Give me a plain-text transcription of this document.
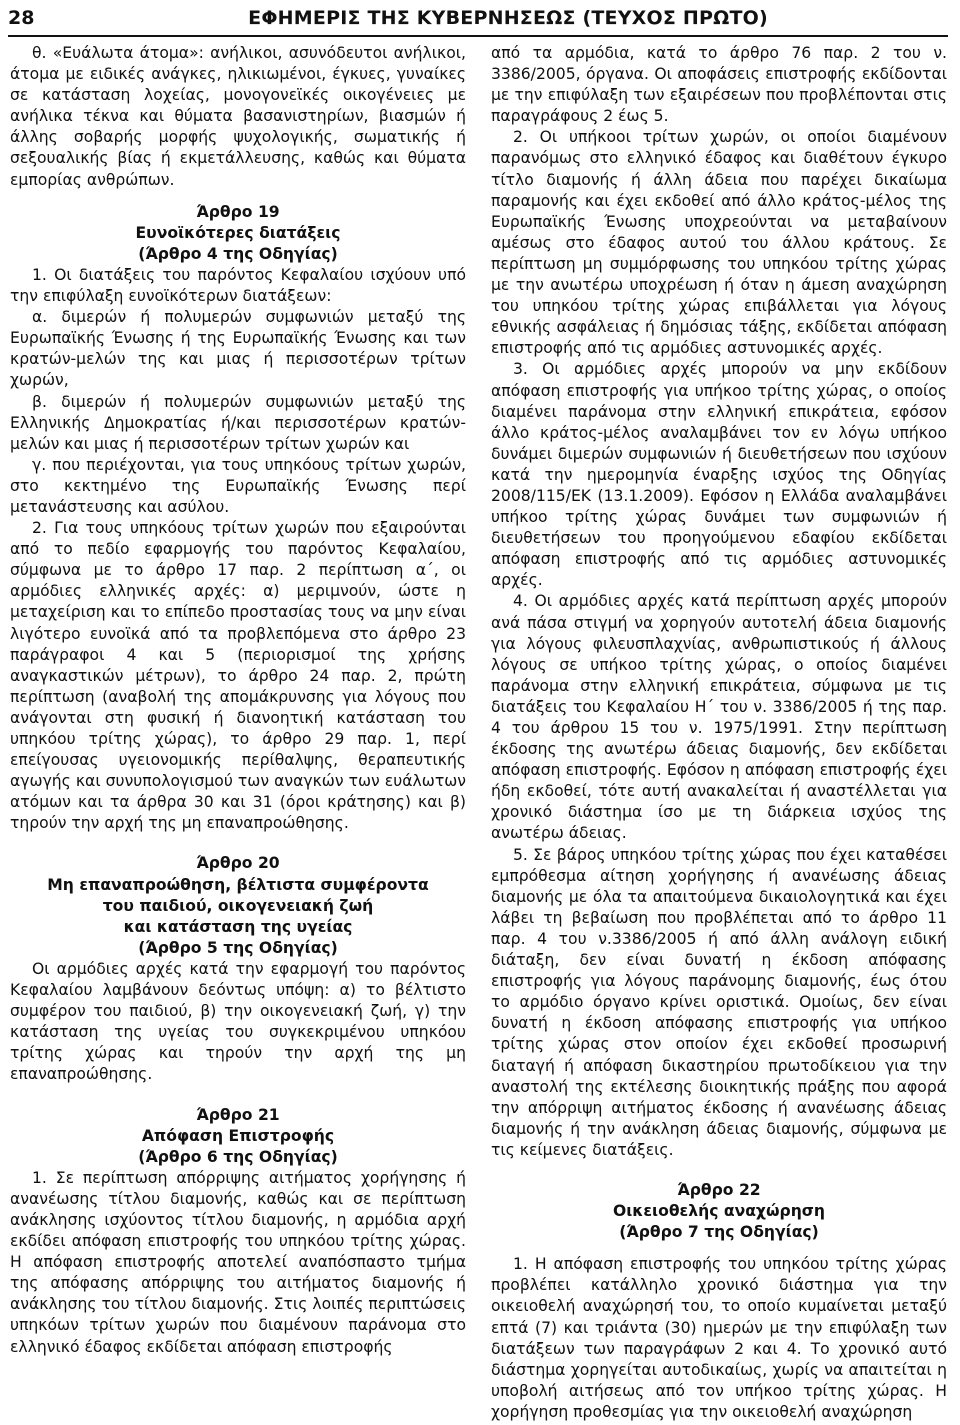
28	ΕΦΗΜΕΡΙΣ ΤΗΣ ΚΥΒΕΡΝΗΣΕΩΣ (ΤΕΥΧΟΣ ΠΡΩΤΟ)

θ. «Ευάλωτα άτομα»: ανήλικοι, ασυνόδευτοι ανήλικοι, άτομα με ειδικές ανάγκες, ηλικιωμένοι, έγκυες, γυναίκες σε κατάσταση λοχείας, μονογονεϊκές οικογένειες με ανήλικα τέκνα και θύματα βασανιστηρίων, βιασμών ή άλλης σοβαρής μορφής ψυχολογικής, σωματικής ή σεξουαλικής βίας ή εκμετάλλευσης, καθώς και θύματα εμπορίας ανθρώπων.

Άρθρο 19
Ευνοϊκότερες διατάξεις
(Άρθρο 4 της Οδηγίας)

1. Οι διατάξεις του παρόντος Κεφαλαίου ισχύουν υπό την επιφύλαξη ευνοϊκότερων διατάξεων:

α. διμερών ή πολυμερών συμφωνιών μεταξύ της Ευρωπαϊκής Ένωσης ή της Ευρωπαϊκής Ένωσης και των κρατών-μελών της και μιας ή περισσοτέρων τρίτων χωρών,

β. διμερών ή πολυμερών συμφωνιών μεταξύ της Ελληνικής Δημοκρατίας ή/και περισσοτέρων κρατών-μελών και μιας ή περισσοτέρων τρίτων χωρών και

γ. που περιέχονται, για τους υπηκόους τρίτων χωρών, στο κεκτημένο της Ευρωπαϊκής Ένωσης περί μετανάστευσης και ασύλου.

2. Για τους υπηκόους τρίτων χωρών που εξαιρούνται από το πεδίο εφαρμογής του παρόντος Κεφαλαίου, σύμφωνα με το άρθρο 17 παρ. 2 περίπτωση α΄, οι αρμόδιες ελληνικές αρχές: α) μεριμνούν, ώστε η μεταχείριση και το επίπεδο προστασίας τους να μην είναι λιγότερο ευνοϊκά από τα προβλεπόμενα στο άρθρο 23 παράγραφοι 4 και 5 (περιορισμοί της χρήσης αναγκαστικών μέτρων), το άρθρο 24 παρ. 2, πρώτη περίπτωση (αναβολή της απομάκρυνσης για λόγους που ανάγονται στη φυσική ή διανοητική κατάσταση του υπηκόου τρίτης χώρας), το άρθρο 29 παρ. 1, περί επείγουσας υγειονομικής περίθαλψης, θεραπευτικής αγωγής και συνυπολογισμού των αναγκών των ευάλωτων ατόμων και τα άρθρα 30 και 31 (όροι κράτησης) και β) τηρούν την αρχή της μη επαναπροώθησης.

Άρθρο 20
Μη επαναπροώθηση, βέλτιστα συμφέροντα
του παιδιού, οικογενειακή ζωή
και κατάσταση της υγείας
(Άρθρο 5 της Οδηγίας)

Οι αρμόδιες αρχές κατά την εφαρμογή του παρόντος Κεφαλαίου λαμβάνουν δεόντως υπόψη: α) το βέλτιστο συμφέρον του παιδιού, β) την οικογενειακή ζωή, γ) την κατάσταση της υγείας του συγκεκριμένου υπηκόου τρίτης χώρας και τηρούν την αρχή της μη επαναπροώθησης.

Άρθρο 21
Απόφαση Επιστροφής
(Άρθρο 6 της Οδηγίας)

1. Σε περίπτωση απόρριψης αιτήματος χορήγησης ή ανανέωσης τίτλου διαμονής, καθώς και σε περίπτωση ανάκλησης ισχύοντος τίτλου διαμονής, η αρμόδια αρχή εκδίδει απόφαση επιστροφής του υπηκόου τρίτης χώρας. Η απόφαση επιστροφής αποτελεί αναπόσπαστο τμήμα της απόφασης απόρριψης του αιτήματος διαμονής ή ανάκλησης του τίτλου διαμονής. Στις λοιπές περιπτώσεις υπηκόων τρίτων χωρών που διαμένουν παράνομα στο ελληνικό έδαφος εκδίδεται απόφαση επιστροφής

από τα αρμόδια, κατά το άρθρο 76 παρ. 2 του ν. 3386/2005, όργανα. Οι αποφάσεις επιστροφής εκδίδονται με την επιφύλαξη των εξαιρέσεων που προβλέπονται στις παραγράφους 2 έως 5.

2. Οι υπήκοοι τρίτων χωρών, οι οποίοι διαμένουν παρανόμως στο ελληνικό έδαφος και διαθέτουν έγκυρο τίτλο διαμονής ή άλλη άδεια που παρέχει δικαίωμα παραμονής και έχει εκδοθεί από άλλο κράτος-μέλος της Ευρωπαϊκής Ένωσης υποχρεούνται να μεταβαίνουν αμέσως στο έδαφος αυτού του άλλου κράτους. Σε περίπτωση μη συμμόρφωσης του υπηκόου τρίτης χώρας με την ανωτέρω υποχρέωση ή όταν η άμεση αναχώρηση του υπηκόου τρίτης χώρας επιβάλλεται για λόγους εθνικής ασφάλειας ή δημόσιας τάξης, εκδίδεται απόφαση επιστροφής από τις αρμόδιες αστυνομικές αρχές.

3. Οι αρμόδιες αρχές μπορούν να μην εκδίδουν απόφαση επιστροφής για υπήκοο τρίτης χώρας, ο οποίος διαμένει παράνομα στην ελληνική επικράτεια, εφόσον άλλο κράτος-μέλος αναλαμβάνει τον εν λόγω υπήκοο δυνάμει διμερών συμφωνιών ή διευθετήσεων που ισχύουν κατά την ημερομηνία έναρξης ισχύος της Οδηγίας 2008/115/ΕΚ (13.1.2009). Εφόσον η Ελλάδα αναλαμβάνει υπήκοο τρίτης χώρας δυνάμει των συμφωνιών ή διευθετήσεων του προηγούμενου εδαφίου εκδίδεται απόφαση επιστροφής από τις αρμόδιες αστυνομικές αρχές.

4. Οι αρμόδιες αρχές κατά περίπτωση αρχές μπορούν ανά πάσα στιγμή να χορηγούν αυτοτελή άδεια διαμονής για λόγους φιλευσπλαχνίας, ανθρωπιστικούς ή άλλους λόγους σε υπήκοο τρίτης χώρας, ο οποίος διαμένει παράνομα στην ελληνική επικράτεια, σύμφωνα με τις διατάξεις του Κεφαλαίου Η΄ του ν. 3386/2005 ή της παρ. 4 του άρθρου 15 του ν. 1975/1991. Στην περίπτωση έκδοσης της ανωτέρω άδειας διαμονής, δεν εκδίδεται απόφαση επιστροφής. Εφόσον η απόφαση επιστροφής έχει ήδη εκδοθεί, τότε αυτή ανακαλείται ή αναστέλλεται για χρονικό διάστημα ίσο με τη διάρκεια ισχύος της ανωτέρω άδειας.

5. Σε βάρος υπηκόου τρίτης χώρας που έχει καταθέσει εμπρόθεσμα αίτηση χορήγησης ή ανανέωσης άδειας διαμονής με όλα τα απαιτούμενα δικαιολογητικά και έχει λάβει τη βεβαίωση που προβλέπεται από το άρθρο 11 παρ. 4 του ν.3386/2005 ή από άλλη ανάλογη ειδική διάταξη, δεν είναι δυνατή η έκδοση απόφασης επιστροφής για λόγους παράνομης διαμονής, έως ότου το αρμόδιο όργανο κρίνει οριστικά. Ομοίως, δεν είναι δυνατή η έκδοση απόφασης επιστροφής για υπήκοο τρίτης χώρας στον οποίον έχει εκδοθεί προσωρινή διαταγή ή απόφαση δικαστηρίου πρωτοδίκειου για την αναστολή της εκτέλεσης διοικητικής πράξης που αφορά την απόρριψη αιτήματος έκδοσης ή ανανέωσης άδειας διαμονής ή την ανάκληση άδειας διαμονής, σύμφωνα με τις κείμενες διατάξεις.

Άρθρο 22
Οικειοθελής αναχώρηση
(Άρθρο 7 της Οδηγίας)

1. Η απόφαση επιστροφής του υπηκόου τρίτης χώρας προβλέπει κατάλληλο χρονικό διάστημα για την οικειοθελή αναχώρησή του, το οποίο κυμαίνεται μεταξύ επτά (7) και τριάντα (30) ημερών με την επιφύλαξη των διατάξεων των παραγράφων 2 και 4. Το χρονικό αυτό διάστημα χορηγείται αυτοδικαίως, χωρίς να απαιτείται η υποβολή αιτήσεως από τον υπήκοο τρίτης χώρας. Η χορήγηση προθεσμίας για την οικειοθελή αναχώρηση
